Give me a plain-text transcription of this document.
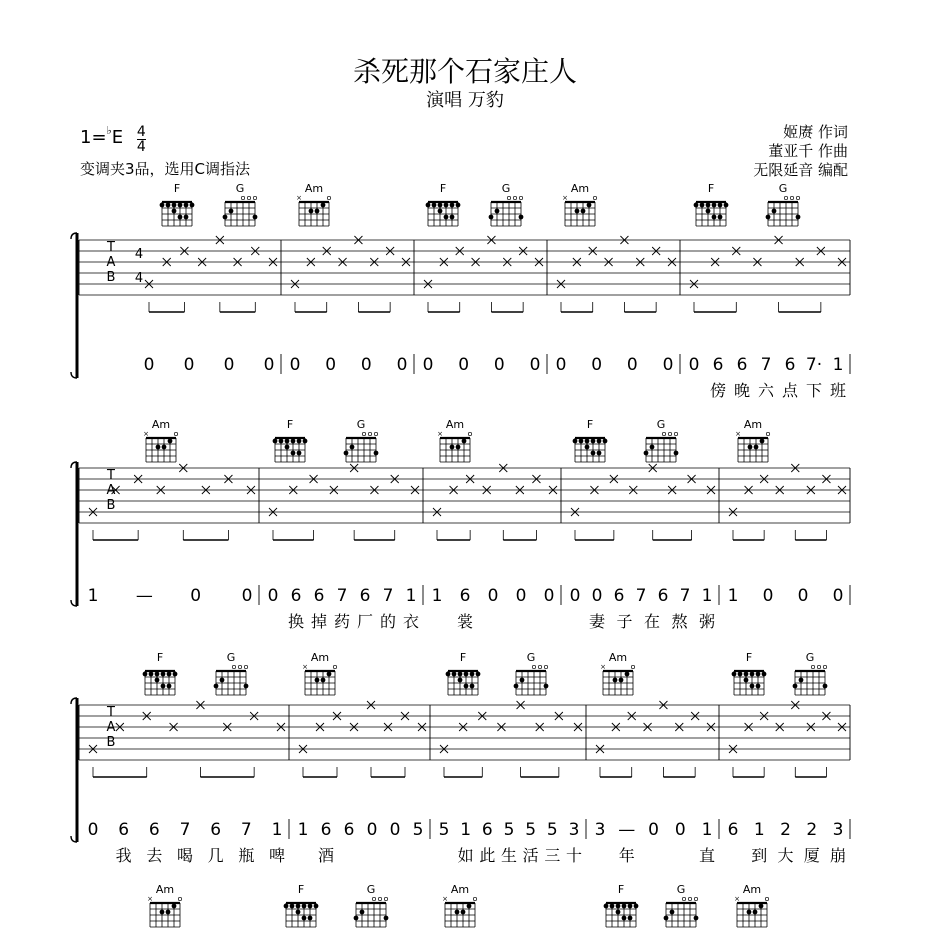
杀死那个石家庄人
演唱 万豹
$1=^♭E \frac{4}{4}$
变调夹3品，选用C调指法
姬赓 作词
董亚千 作曲
无限延音 编配
F	G	Am
×
F	G	Am
×
F	G
T
A
B
4
4
0 0 0 0 0 0 0 0 0 0 0 0 0 0 0 0 0 6 6 7 6 7· 1
傍 晚 六 点 下 班
Am
×
F	G	Am
×
F	G	Am
×
T
A
B
1 — 0 0 0 6 6 7 6 7 1
换 掉 药 厂 的 衣
1 6 0 0 0
裳
0 0 6 7 6 7 1
妻 子 在 熬 粥
1 0 0 0
F	G	Am
×
F	G	Am
×
F	G
T
A
B
0 6 6 7 6 7 1
我 去 喝 几 瓶 啤
1 6 6 0 0 5
酒
5 1 6 5 5 5 3
如 此 生 活 三 十
3 — 0 0 1
年	直
6 1 2 2 3
到 大 厦 崩
Am
×
F	G	Am
×
F	G	Am
×
